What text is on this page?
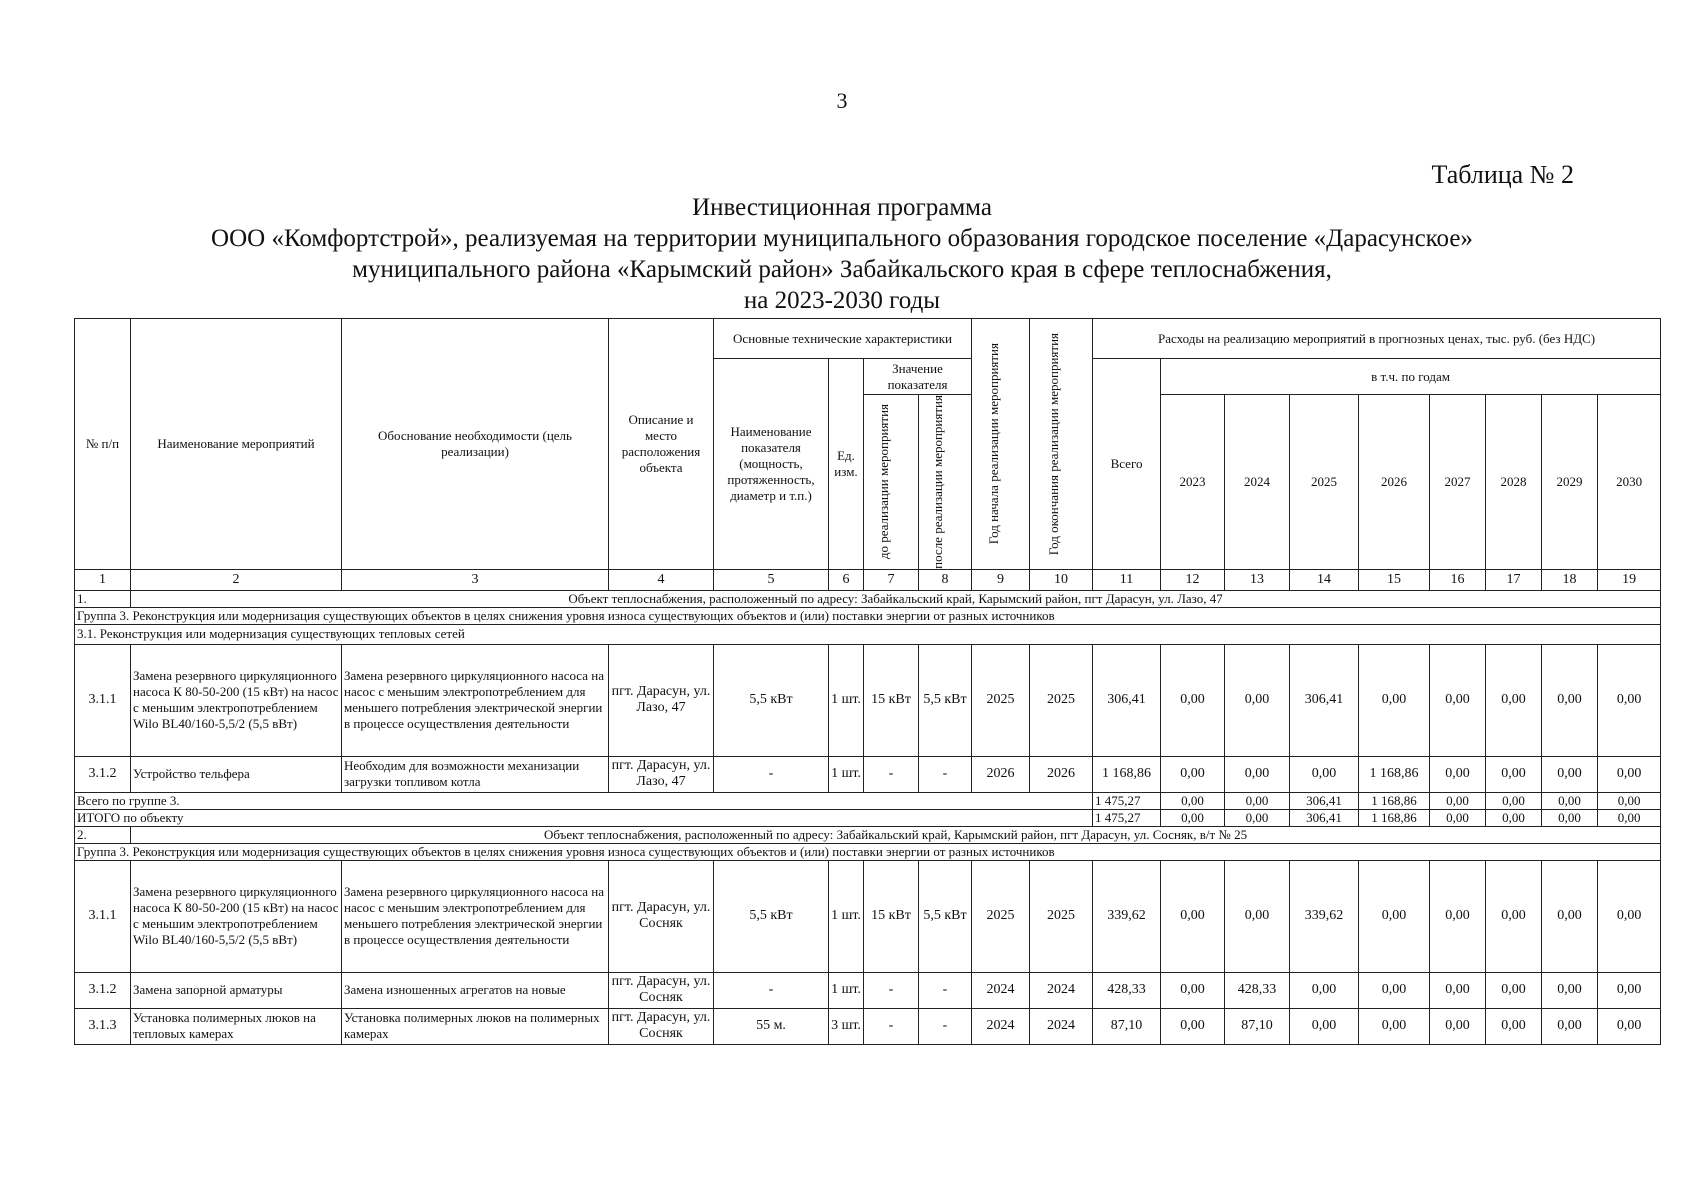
3
Таблица № 2
Инвестиционная программа
ООО «Комфортстрой», реализуемая на территории муниципального образования городское поселение «Дарасунское»
муниципального района «Карымский район» Забайкальского края в сфере теплоснабжения,
на 2023-2030 годы
№ п/п	Наименование мероприятий	Обоснование необходимости (цель реализации)	Описание и место расположения объекта	Основные технические характеристики				Год начала реализации мероприятия	Год окончания реализации мероприятия	Расходы на реализацию мероприятий в прогнозных ценах, тыс. руб. (без НДС)								
				Наименование показателя (мощность, протяженность, диаметр и т.п.)	Ед. изм.	Значение показателя				Всего	в т.ч. по годам							

						до реализации мероприятия	после реализации мероприятия				2023	2024	2025	2026	2027	2028	2029	2030

1	2	3	4	5	6	7	8	9	10	11	12	13	14	15	16	17	18	19
1.	Объект теплоснабжения, расположенный по адресу: Забайкальский край, Карымский район, пгт Дарасун, ул. Лазо, 47																	
Группа 3. Реконструкция или модернизация существующих объектов в целях снижения уровня износа существующих объектов и (или) поставки энергии от разных источников																		
3.1. Реконструкция или модернизация существующих тепловых сетей																		
3.1.1	Замена резервного циркуляционного насоса К 80-50-200 (15 кВт) на насос с меньшим электропотреблением Wilo BL40/160-5,5/2 (5,5 вВт)	Замена резервного циркуляционного насоса на насос с меньшим электропотреблением для меньшего потребления электрической энергии в процессе осуществления деятельности	пгт. Дарасун, ул. Лазо, 47	5,5 кВт	1 шт.	15 кВт	5,5 кВт	2025	2025	306,41	0,00	0,00	306,41	0,00	0,00	0,00	0,00	0,00
3.1.2	Устройство тельфера	Необходим для возможности механизации загрузки топливом котла	пгт. Дарасун, ул. Лазо, 47	-	1 шт.	-	-	2026	2026	1 168,86	0,00	0,00	0,00	1 168,86	0,00	0,00	0,00	0,00
Всего по группе 3.										1 475,27	0,00	0,00	306,41	1 168,86	0,00	0,00	0,00	0,00
ИТОГО по объекту										1 475,27	0,00	0,00	306,41	1 168,86	0,00	0,00	0,00	0,00
2.	Объект теплоснабжения, расположенный по адресу: Забайкальский край, Карымский район, пгт Дарасун, ул. Сосняк, в/т № 25																	
Группа 3. Реконструкция или модернизация существующих объектов в целях снижения уровня износа существующих объектов и (или) поставки энергии от разных источников																		
3.1.1	Замена резервного циркуляционного насоса К 80-50-200 (15 кВт) на насос с меньшим электропотреблением Wilo BL40/160-5,5/2 (5,5 вВт)	Замена резервного циркуляционного насоса на насос с меньшим электропотреблением для меньшего потребления электрической энергии в процессе осуществления деятельности	пгт. Дарасун, ул. Сосняк	5,5 кВт	1 шт.	15 кВт	5,5 кВт	2025	2025	339,62	0,00	0,00	339,62	0,00	0,00	0,00	0,00	0,00
3.1.2	Замена запорной арматуры	Замена изношенных агрегатов на новые	пгт. Дарасун, ул. Сосняк	-	1 шт.	-	-	2024	2024	428,33	0,00	428,33	0,00	0,00	0,00	0,00	0,00	0,00
3.1.3	Установка полимерных люков на тепловых камерах	Установка полимерных люков на полимерных камерах	пгт. Дарасун, ул. Сосняк	55 м.	3 шт.	-	-	2024	2024	87,10	0,00	87,10	0,00	0,00	0,00	0,00	0,00	0,00
